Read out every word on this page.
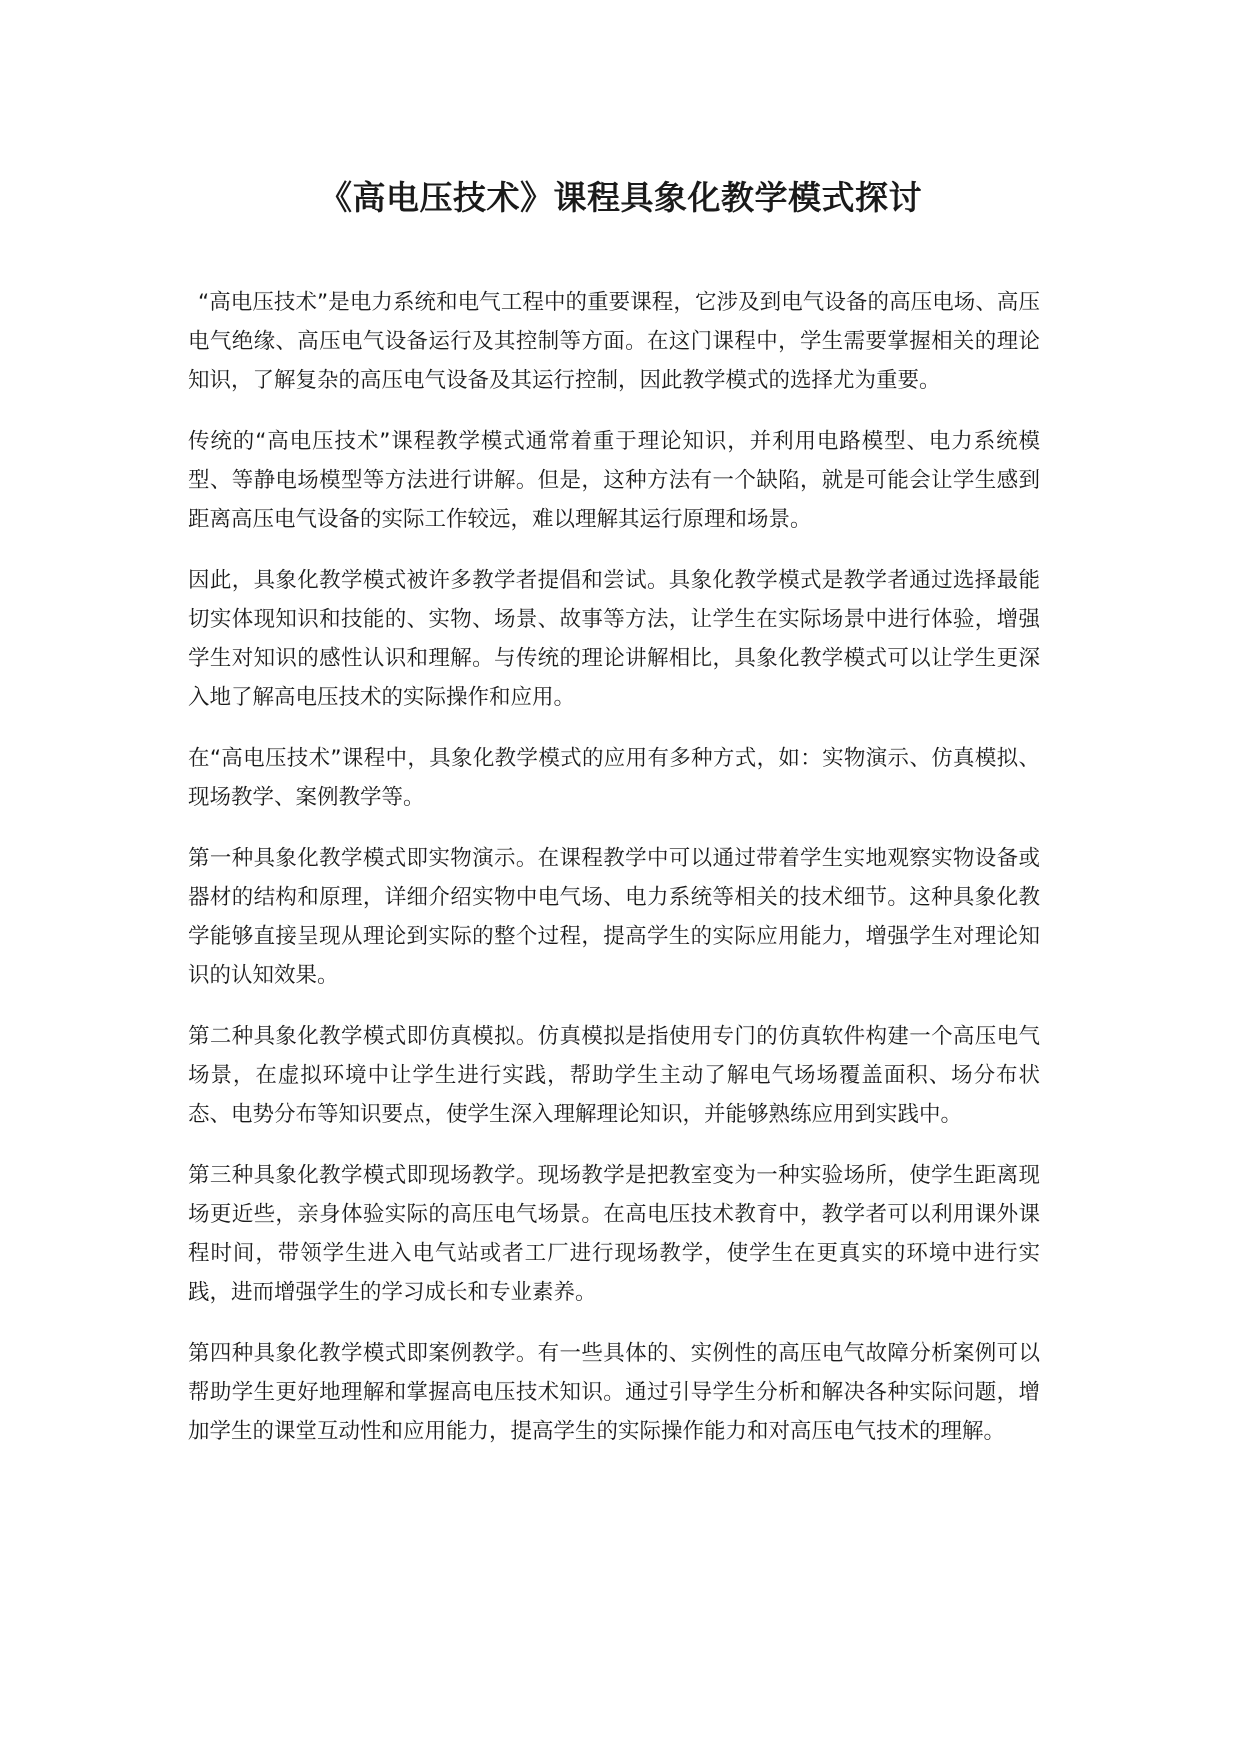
《高电压技术》课程具象化教学模式探讨

“高电压技术”是电力系统和电气工程中的重要课程，它涉及到电气设备的高压电场、高压电气绝缘、高压电气设备运行及其控制等方面。在这门课程中，学生需要掌握相关的理论知识，了解复杂的高压电气设备及其运行控制，因此教学模式的选择尤为重要。

传统的“高电压技术”课程教学模式通常着重于理论知识，并利用电路模型、电力系统模型、等静电场模型等方法进行讲解。但是，这种方法有一个缺陷，就是可能会让学生感到距离高压电气设备的实际工作较远，难以理解其运行原理和场景。

因此，具象化教学模式被许多教学者提倡和尝试。具象化教学模式是教学者通过选择最能切实体现知识和技能的、实物、场景、故事等方法，让学生在实际场景中进行体验，增强学生对知识的感性认识和理解。与传统的理论讲解相比，具象化教学模式可以让学生更深入地了解高电压技术的实际操作和应用。

在“高电压技术”课程中，具象化教学模式的应用有多种方式，如：实物演示、仿真模拟、现场教学、案例教学等。

第一种具象化教学模式即实物演示。在课程教学中可以通过带着学生实地观察实物设备或器材的结构和原理，详细介绍实物中电气场、电力系统等相关的技术细节。这种具象化教学能够直接呈现从理论到实际的整个过程，提高学生的实际应用能力，增强学生对理论知识的认知效果。

第二种具象化教学模式即仿真模拟。仿真模拟是指使用专门的仿真软件构建一个高压电气场景，在虚拟环境中让学生进行实践，帮助学生主动了解电气场场覆盖面积、场分布状态、电势分布等知识要点，使学生深入理解理论知识，并能够熟练应用到实践中。

第三种具象化教学模式即现场教学。现场教学是把教室变为一种实验场所，使学生距离现场更近些，亲身体验实际的高压电气场景。在高电压技术教育中，教学者可以利用课外课程时间，带领学生进入电气站或者工厂进行现场教学，使学生在更真实的环境中进行实践，进而增强学生的学习成长和专业素养。

第四种具象化教学模式即案例教学。有一些具体的、实例性的高压电气故障分析案例可以帮助学生更好地理解和掌握高电压技术知识。通过引导学生分析和解决各种实际问题，增加学生的课堂互动性和应用能力，提高学生的实际操作能力和对高压电气技术的理解。
